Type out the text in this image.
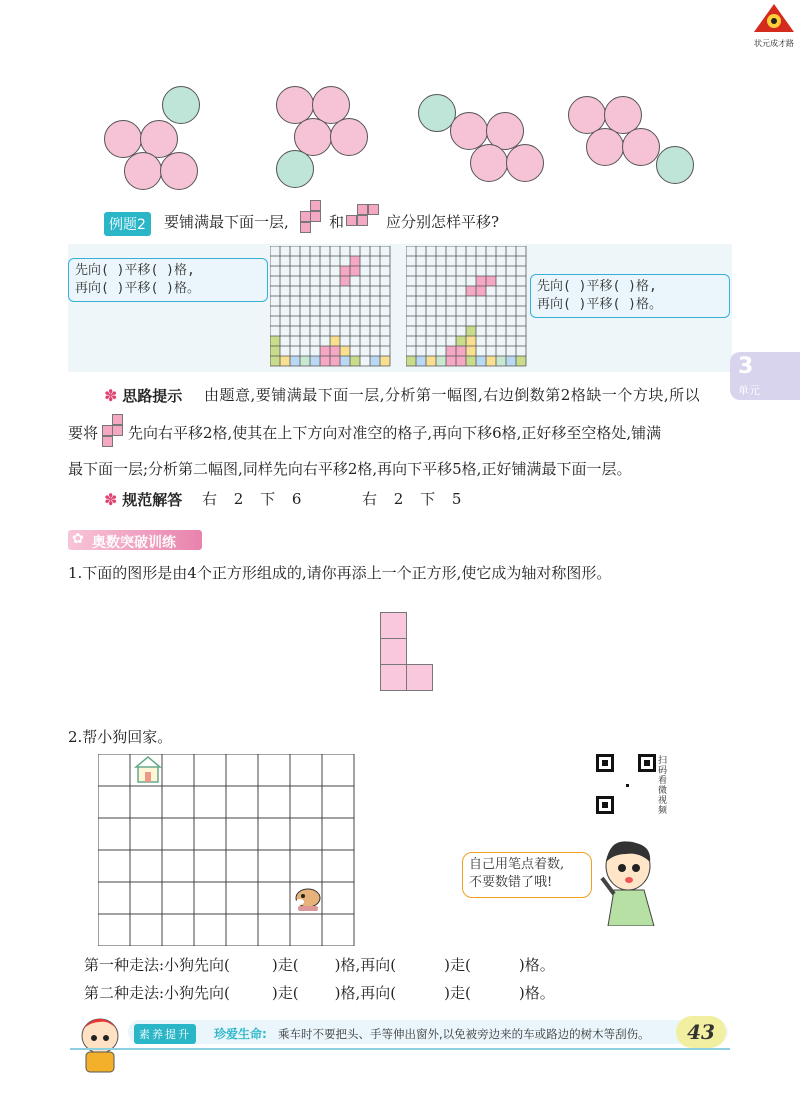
状元成才路
例题2	要铺满最下面一层,	和	应分别怎样平移?
先向( )平移( )格,
再向( )平移( )格。	先向( )平移( )格,
再向( )平移( )格。
3
单元
✽ 思路提示 由题意,要铺满最下面一层,分析第一幅图,右边倒数第2格缺一个方块,所以
要将 先向右平移2格,使其在上下方向对准空的格子,再向下移6格,正好移至空格处,铺满
最下面一层;分析第二幅图,同样先向右平移2格,再向下平移5格,正好铺满最下面一层。
✽ 规范解答 右 2 下 6	右 2 下 5
✿ 奥数突破训练
1.下面的图形是由4个正方形组成的,请你再添上一个正方形,使它成为轴对称图形。
2.帮小狗回家。
扫码看微视频
自己用笔点着数,
不要数错了哦!
第一种走法:小狗先向(	)走( )格,再向(	)走(	)格。
第二种走法:小狗先向(	)走( )格,再向(	)走(	)格。
素养提升	珍爱生命: 乘车时不要把头、手等伸出窗外,以免被旁边来的车或路边的树木等刮伤。	43
